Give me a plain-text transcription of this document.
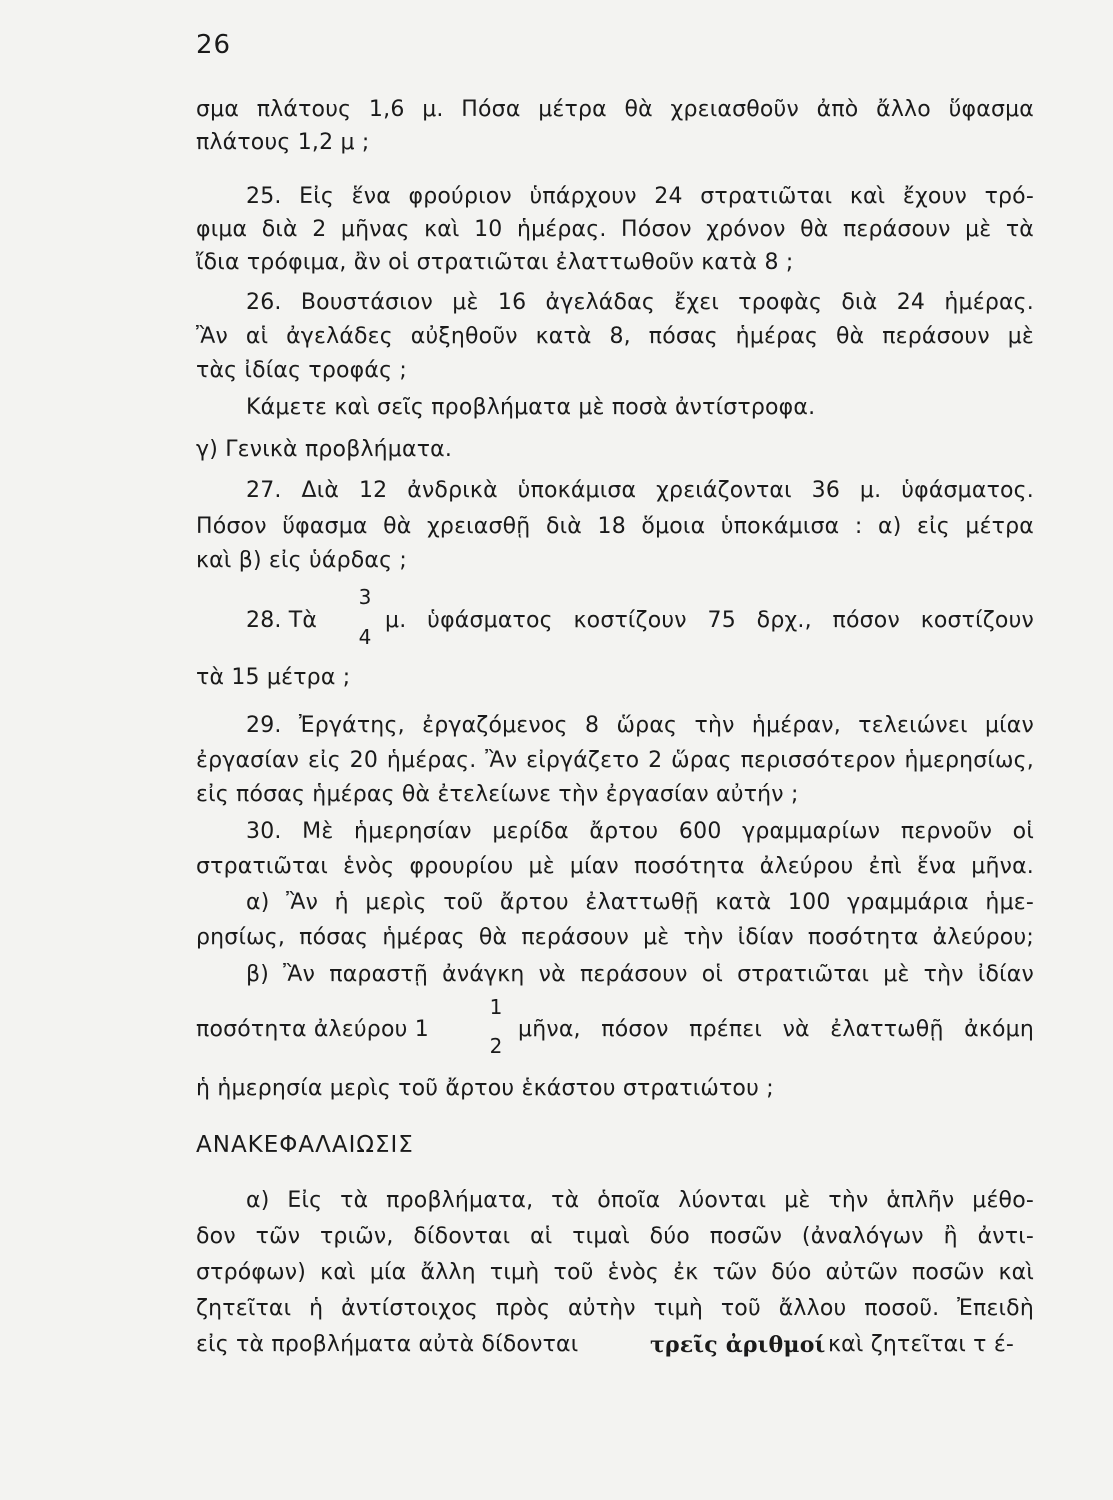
26
σμα πλάτους 1,6 μ. Πόσα μέτρα θὰ χρειασθοῦν ἀπὸ ἄλλο ὕφασμα
πλάτους 1,2 μ ;
25. Εἰς ἕνα φρούριον ὑπάρχουν 24 στρατιῶται καὶ ἔχουν τρό-
φιμα διὰ 2 μῆνας καὶ 10 ἡμέρας. Πόσον χρόνον θὰ περάσουν μὲ τὰ
ἴδια τρόφιμα, ἂν οἱ στρατιῶται ἐλαττωθοῦν κατὰ 8 ;
26. Βουστάσιον μὲ 16 ἀγελάδας ἔχει τροφὰς διὰ 24 ἡμέρας.
Ἂν αἱ ἀγελάδες αὐξηθοῦν κατὰ 8, πόσας ἡμέρας θὰ περάσουν μὲ
τὰς ἰδίας τροφάς ;
Κάμετε καὶ σεῖς προβλήματα μὲ ποσὰ ἀντίστροφα.
γ) Γενικὰ προβλήματα.
27. Διὰ 12 ἀνδρικὰ ὑποκάμισα χρειάζονται 36 μ. ὑφάσματος.
Πόσον ὕφασμα θὰ χρειασθῇ διὰ 18 ὅμοια ὑποκάμισα : α) εἰς μέτρα
καὶ β) εἰς ὑάρδας ;
28. Τὰ
3
4
μ. ὑφάσματος κοστίζουν 75 δρχ., πόσον κοστίζουν
τὰ 15 μέτρα ;
29. Ἐργάτης, ἐργαζόμενος 8 ὥρας τὴν ἡμέραν, τελειώνει μίαν
ἐργασίαν εἰς 20 ἡμέρας. Ἂν εἰργάζετο 2 ὥρας περισσότερον ἡμερησίως,
εἰς πόσας ἡμέρας θὰ ἐτελείωνε τὴν ἐργασίαν αὐτήν ;
30. Μὲ ἡμερησίαν μερίδα ἄρτου 600 γραμμαρίων περνοῦν οἱ
στρατιῶται ἑνὸς φρουρίου μὲ μίαν ποσότητα ἀλεύρου ἐπὶ ἕνα μῆνα.
α) Ἂν ἡ μερὶς τοῦ ἄρτου ἐλαττωθῇ κατὰ 100 γραμμάρια ἡμε-
ρησίως, πόσας ἡμέρας θὰ περάσουν μὲ τὴν ἰδίαν ποσότητα ἀλεύρου;
β) Ἂν παραστῇ ἀνάγκη νὰ περάσουν οἱ στρατιῶται μὲ τὴν ἰδίαν
ποσότητα ἀλεύρου 1
1
2
μῆνα, πόσον πρέπει νὰ ἐλαττωθῇ ἀκόμη
ἡ ἡμερησία μερὶς τοῦ ἄρτου ἑκάστου στρατιώτου ;
ΑΝΑΚΕΦΑΛΑΙΩΣΙΣ
α) Εἰς τὰ προβλήματα, τὰ ὁποῖα λύονται μὲ τὴν ἁπλῆν μέθο-
δον τῶν τριῶν, δίδονται αἱ τιμαὶ δύο ποσῶν (ἀναλόγων ἢ ἀντι-
στρόφων) καὶ μία ἄλλη τιμὴ τοῦ ἑνὸς ἐκ τῶν δύο αὐτῶν ποσῶν καὶ
ζητεῖται ἡ ἀντίστοιχος πρὸς αὐτὴν τιμὴ τοῦ ἄλλου ποσοῦ. Ἐπειδὴ
εἰς τὰ προβλήματα αὐτὰ δίδονται	τρεῖς ἀριθμοί καὶ ζητεῖται τ έ-
